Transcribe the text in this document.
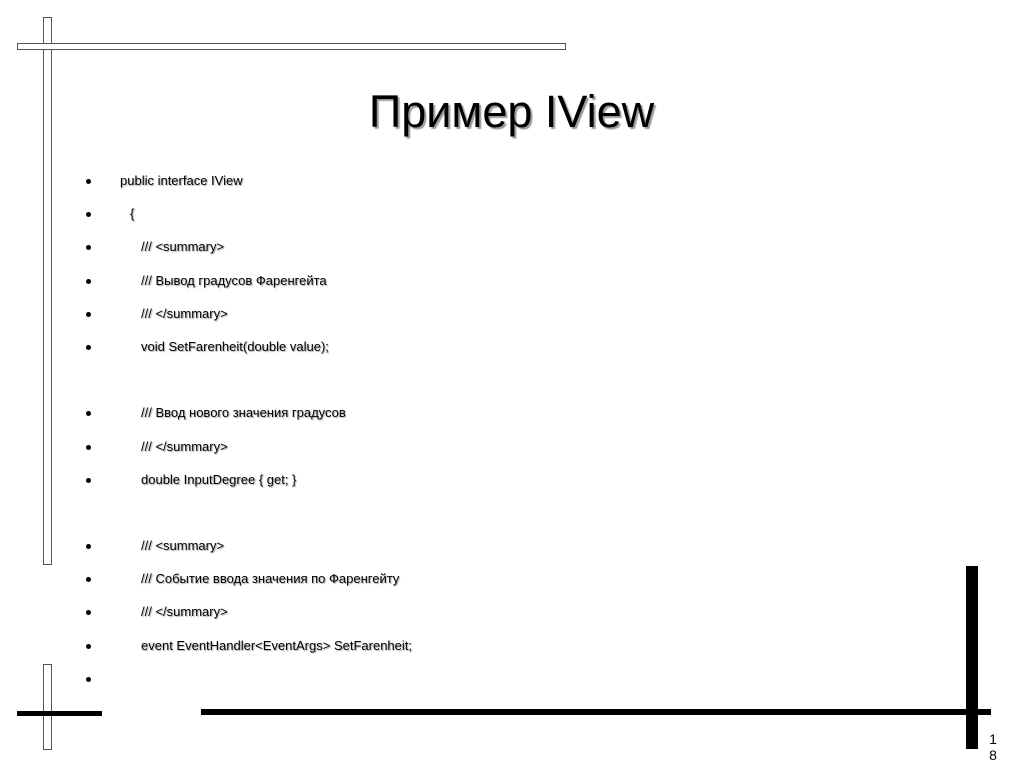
Пример IView
public interface IView
{
/// <summary>
/// Вывод градусов Фаренгейта
/// </summary>
void SetFarenheit(double value);
/// Ввод нового значения градусов
/// </summary>
double InputDegree { get; }
/// <summary>
/// Событие ввода значения по Фаренгейту
/// </summary>
event EventHandler<EventArgs> SetFarenheit;
1
8
